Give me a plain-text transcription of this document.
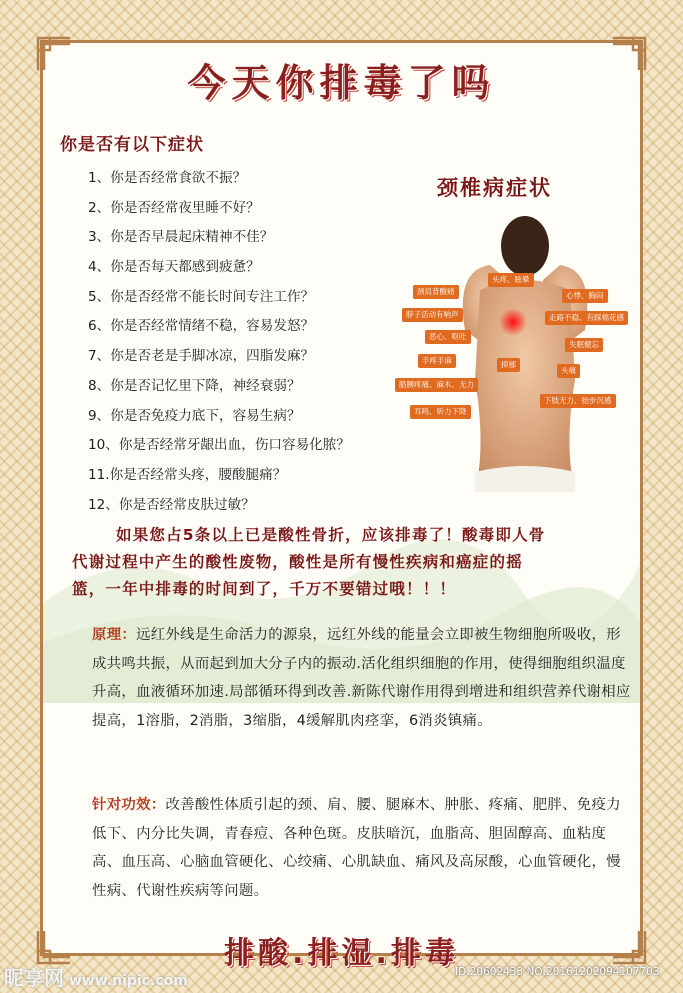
今天你排毒了吗
你是否有以下症状
1、你是否经常食欲不振？
2、你是否经常夜里睡不好？
3、你是否早晨起床精神不佳？
4、你是否每天都感到疲惫？
5、你是否经常不能长时间专注工作？
6、你是否经常情绪不稳，容易发怒？
7、你是否老是手脚冰凉，四脂发麻？
8、你是否记忆里下降，神经衰弱？
9、你是否免疫力底下，容易生病？
10、你是否经常牙龈出血，伤口容易化脓？
11.你是否经常头疼，腰酸腿痛？
12、你是否经常皮肤过敏？
颈椎病症状
颈肩背酸痛
脖子活动有响声
恶心、呕吐
手疼手麻
胳膊疼痛、麻木、无力
耳鸣、听力下降
头疼、眩晕
抑郁
心悸、胸闷
走路不稳、有踩棉花感
失眠健忘
头痛
下肢无力、抬步沉感

如果您占5条以上已是酸性骨折，应该排毒了！酸毒即人骨

代谢过程中产生的酸性废物，酸性是所有慢性疾病和癌症的摇

篮，一年中排毒的时间到了，千万不要错过哦！！！

原理：远红外线是生命活力的源泉，远红外线的能量会立即被生物细胞所吸收，形成共鸣共振，从而起到加大分子内的振动.活化组织细胞的作用，使得细胞组织温度升高，血液循环加速.局部循环得到改善.新陈代谢作用得到增进和组织营养代谢相应提高，1溶脂，2消脂，3缩脂，4缓解肌肉痉挛，6消炎镇痛。
针对功效：改善酸性体质引起的颈、肩、腰、腿麻木、肿胀、疼痛、肥胖、免疫力低下、内分比失调，青春痘、各种色斑。皮肤暗沉，血脂高、胆固醇高、血粘度高、血压高、心脑血管硬化、心绞痛、心肌缺血、痛风及高尿酸，心血管硬化，慢性病、代谢性疾病等问题。
排酸.排湿.排毒
昵享网 www.nipic.com
ID:20602433 NO:20161202094107703
